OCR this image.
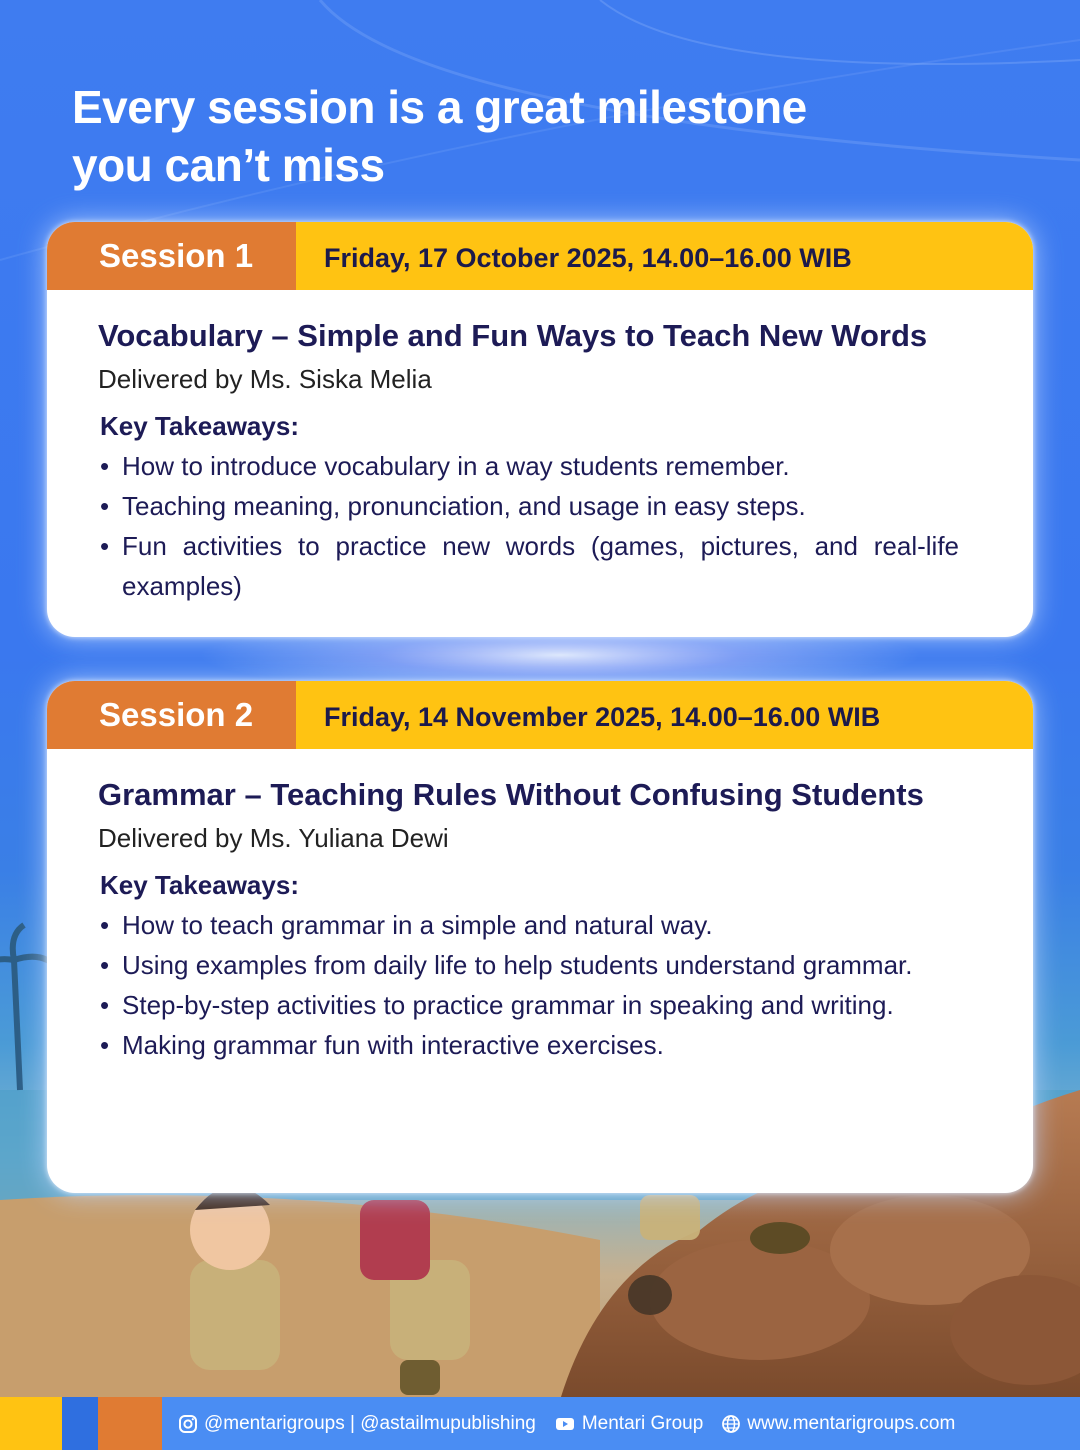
Every session is a great milestone
you can’t miss
Session 1	Friday, 17 October 2025, 14.00–16.00 WIB

Vocabulary – Simple and Fun Ways to Teach New Words

Delivered by Ms. Siska Melia

Key Takeaways:

• How to introduce vocabulary in a way students remember.
• Teaching meaning, pronunciation, and usage in easy steps.
• Fun activities to practice new words (games, pictures, and real-life examples)
Session 2	Friday, 14 November 2025, 14.00–16.00 WIB

Grammar – Teaching Rules Without Confusing Students

Delivered by Ms. Yuliana Dewi

Key Takeaways:

• How to teach grammar in a simple and natural way.
• Using examples from daily life to help students understand grammar.
• Step-by-step activities to practice grammar in speaking and writing.
• Making grammar fun with interactive exercises.
@mentarigroups | @astailmupublishing Mentari Group www.mentarigroups.com
